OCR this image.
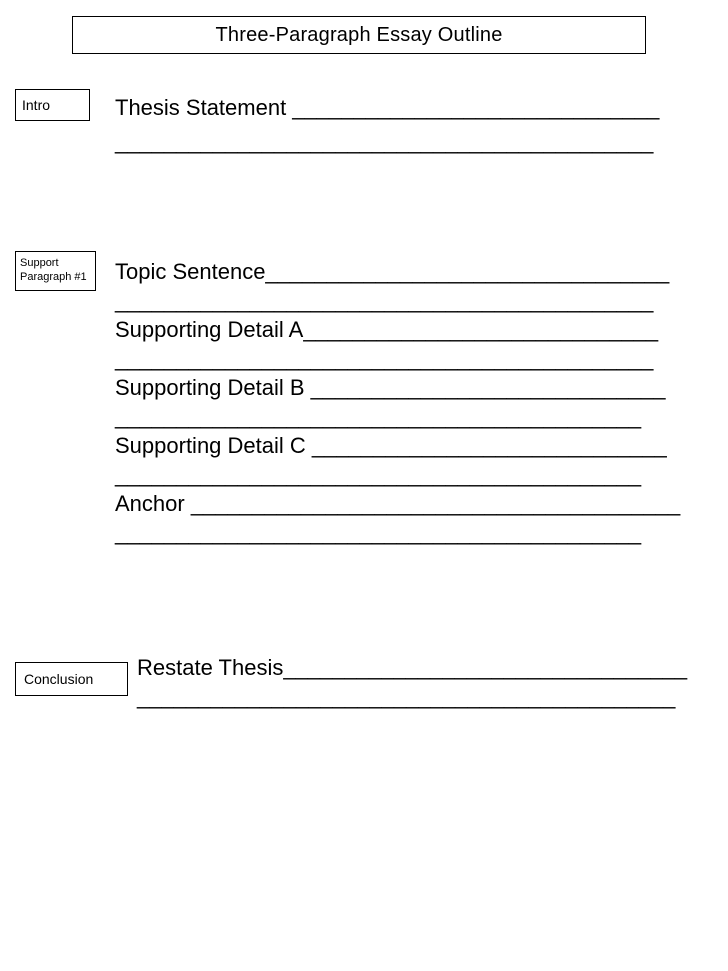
Three-Paragraph Essay Outline
Intro
Support
Paragraph #1
Conclusion
Thesis Statement ______________________________
____________________________________________
Topic Sentence_________________________________
____________________________________________
Supporting Detail A_____________________________
____________________________________________
Supporting Detail B _____________________________
___________________________________________
Supporting Detail C _____________________________
___________________________________________
Anchor ________________________________________
___________________________________________
Restate Thesis_________________________________
____________________________________________
